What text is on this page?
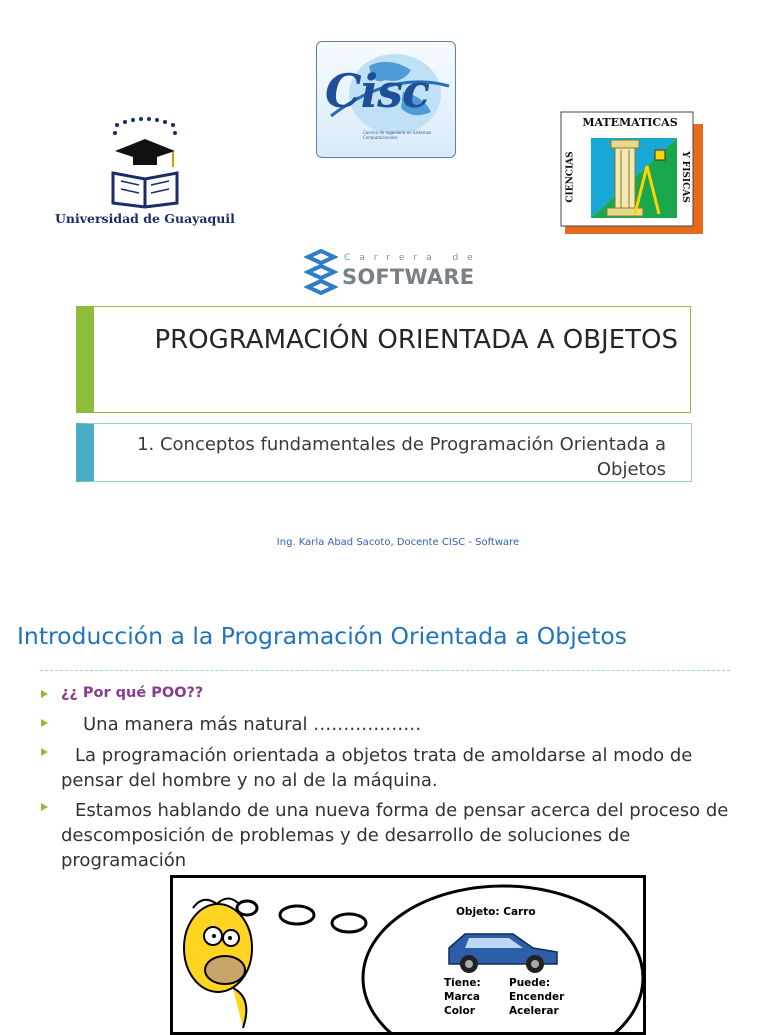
Universidad de Guayaquil
Cisc
Carrera de Ingeniería en Sistemas Computacionales
MATEMATICAS
CIENCIAS	Y FISICAS
Carrera de
SOFTWARE
PROGRAMACIÓN ORIENTADA A OBJETOS
1. Conceptos fundamentales de Programación Orientada a Objetos
Ing. Karla Abad Sacoto, Docente CISC - Software
Introducción a la Programación Orientada a Objetos
¿¿ Por qué POO??
Una manera más natural ………………
La programación orientada a objetos trata de amoldarse al modo de pensar del hombre y no al de la máquina.
Estamos hablando de una nueva forma de pensar acerca del proceso de descomposición de problemas y de desarrollo de soluciones de programación
Objeto: Carro
Tiene:
Marca
Color
Puede:
Encender
Acelerar
